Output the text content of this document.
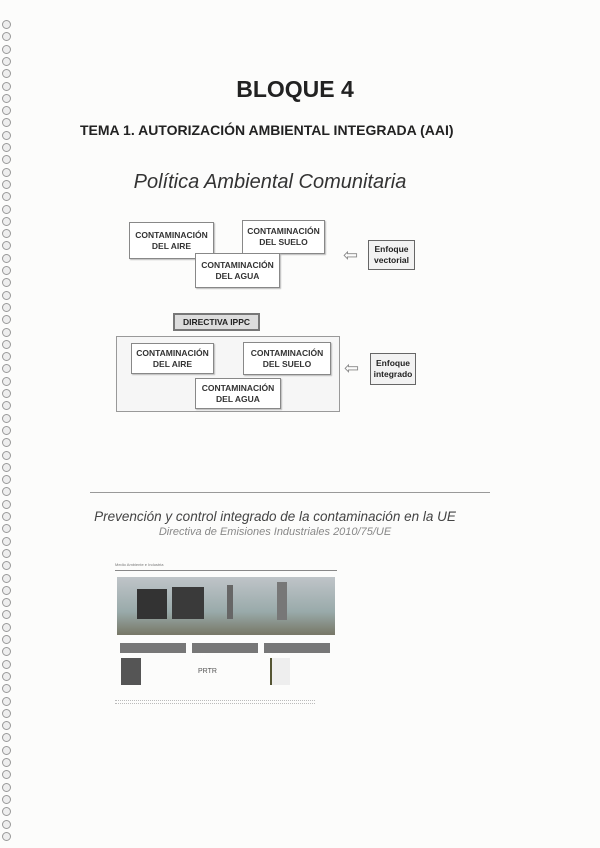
BLOQUE 4
TEMA 1. AUTORIZACIÓN AMBIENTAL INTEGRADA (AAI)
Política Ambiental Comunitaria
CONTAMINACIÓN DEL AIRE
CONTAMINACIÓN DEL SUELO
CONTAMINACIÓN DEL AGUA
⇦	Enfoque vectorial
DIRECTIVA IPPC
CONTAMINACIÓN DEL AIRE
CONTAMINACIÓN DEL SUELO
CONTAMINACIÓN DEL AGUA
⇦	Enfoque integrado
Prevención y control integrado de la contaminación en la UE
Directiva de Emisiones Industriales 2010/75/UE
Medio Ambiente e Industria
IPPC	PRTR	VEDEI
PRTR
